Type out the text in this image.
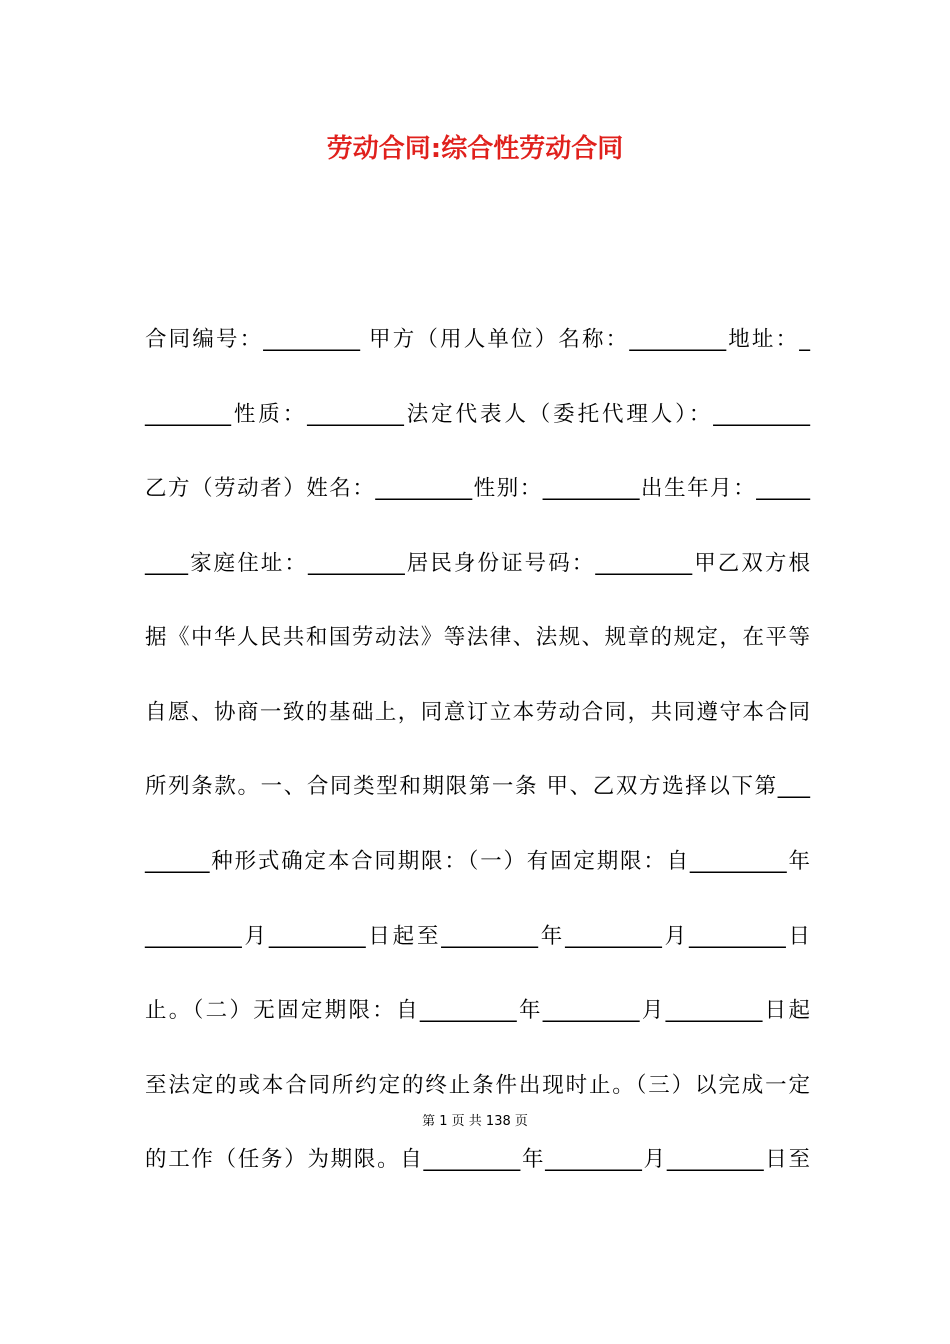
劳动合同:综合性劳动合同
合同编号：_________ 甲方（用人单位）名称：_________地址：_
________性质：_________法定代表人（委托代理人）：_________
乙方（劳动者）姓名：_________性别：_________出生年月：_____
____家庭住址：_________居民身份证号码：_________甲乙双方根
据《中华人民共和国劳动法》等法律、法规、规章的规定，在平等
自愿、协商一致的基础上，同意订立本劳动合同，共同遵守本合同
所列条款。一、合同类型和期限第一条 甲、乙双方选择以下第___
______种形式确定本合同期限：（一）有固定期限：自_________年
_________月_________日起至_________年_________月_________日
止。（二）无固定期限：自_________年_________月_________日起
至法定的或本合同所约定的终止条件出现时止。（三）以完成一定
第 1 页 共 138 页
的工作（任务）为期限。自_________年_________月_________日至
